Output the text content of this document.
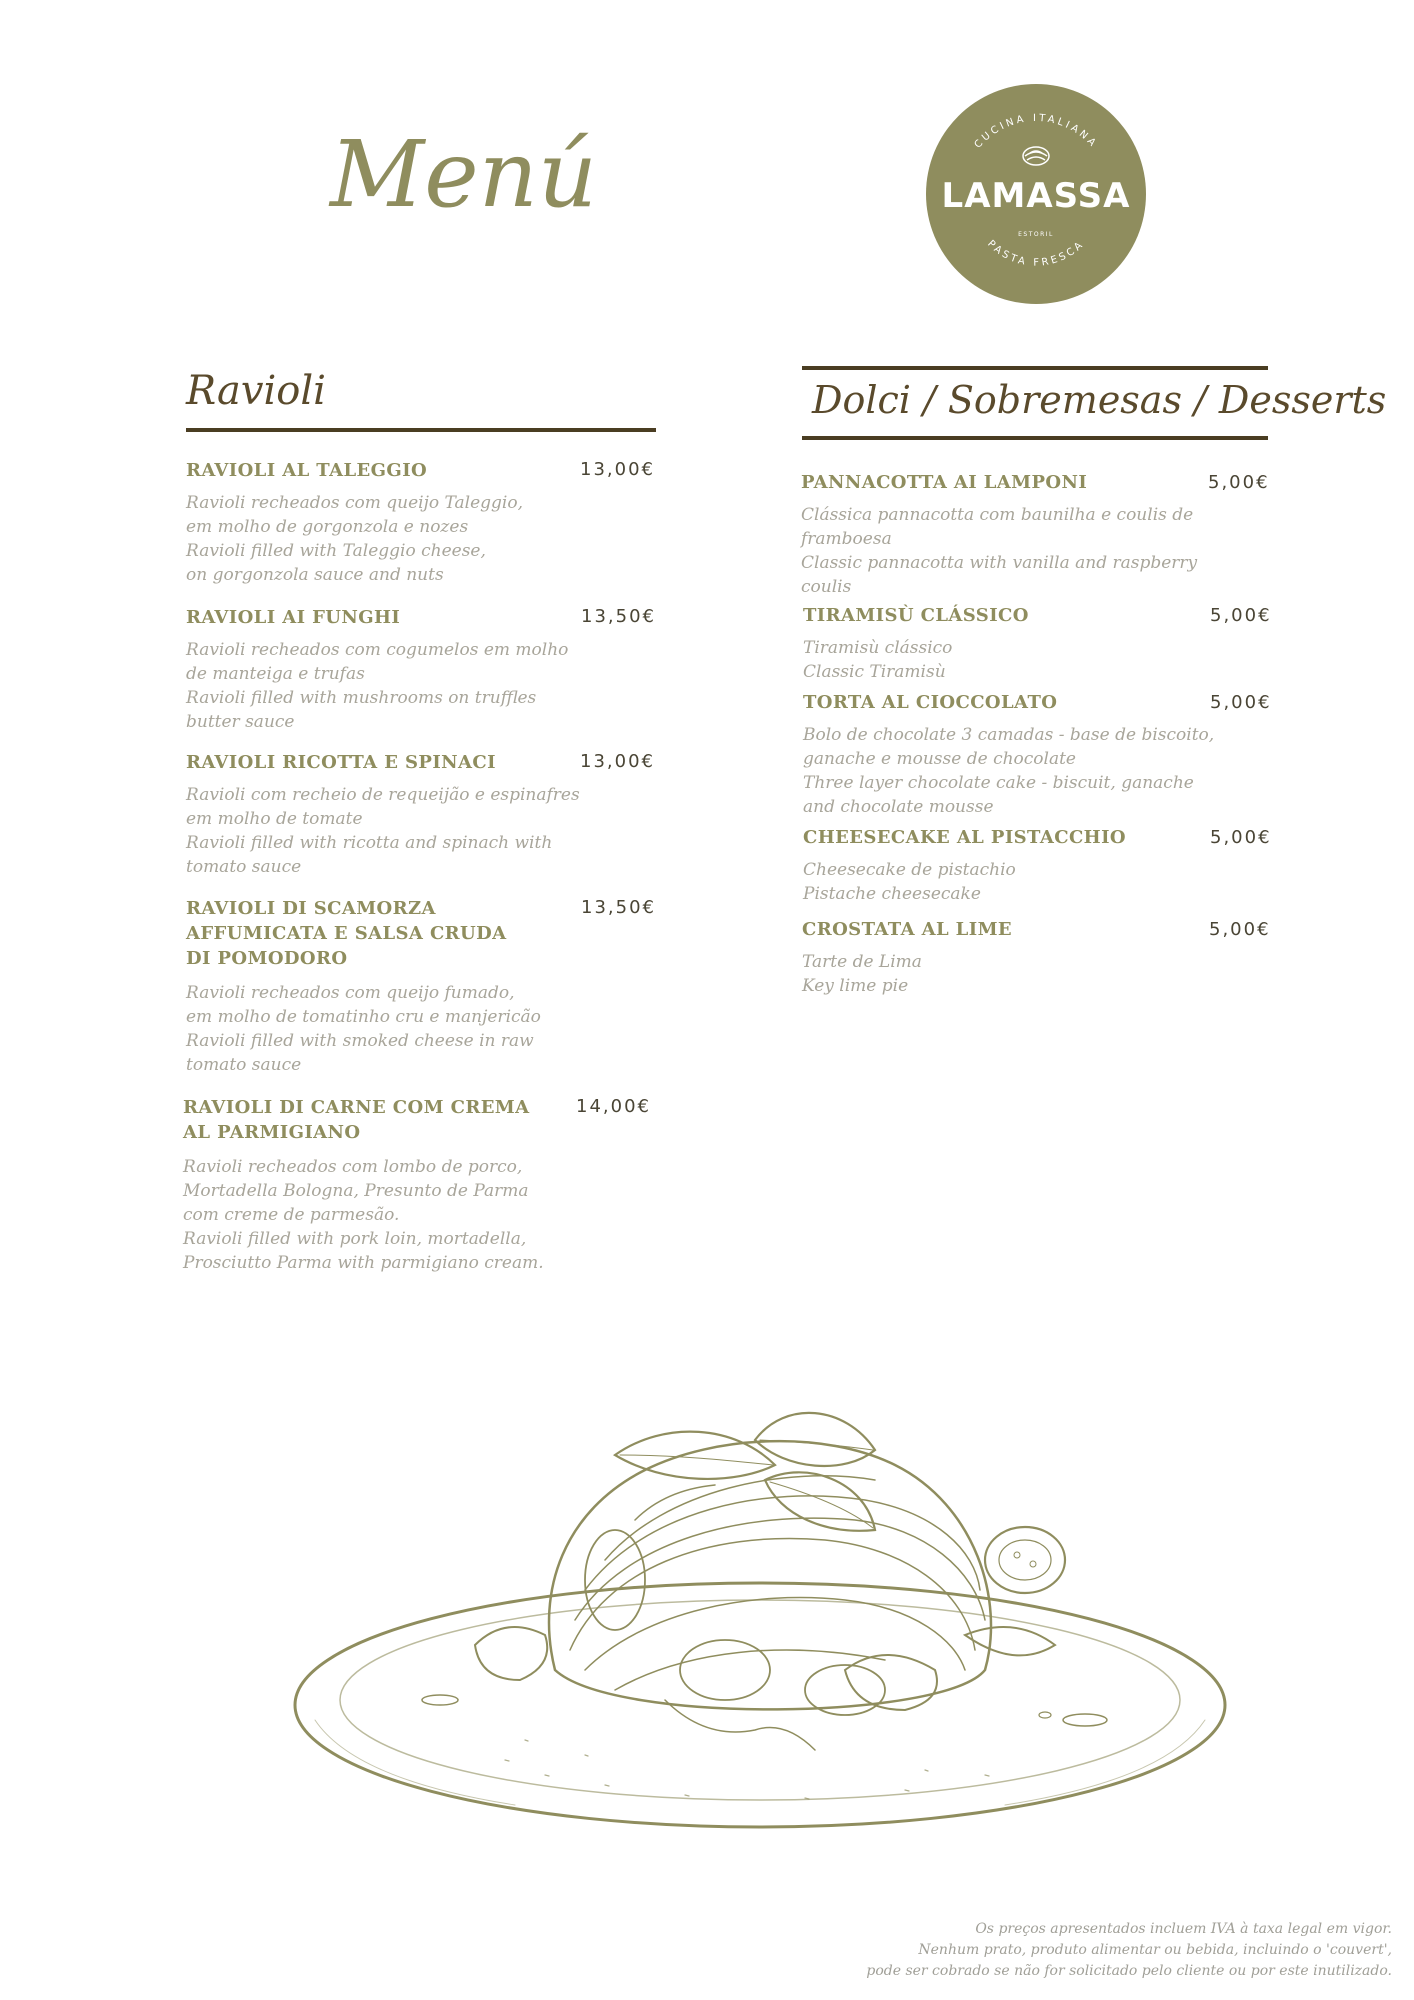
Menú	CUCINA ITALIANA
LAMASSA
ESTORIL
PASTA FRESCA
Ravioli

RAVIOLI AL TALEGGIO

Ravioli recheados com queijo Taleggio,
em molho de gorgonzola e nozes
Ravioli filled with Taleggio cheese,
on gorgonzola sauce and nuts

13,00€

RAVIOLI AI FUNGHI

Ravioli recheados com cogumelos em molho
de manteiga e trufas
Ravioli filled with mushrooms on truffles
butter sauce

13,50€

RAVIOLI RICOTTA E SPINACI

Ravioli com recheio de requeijão e espinafres
em molho de tomate
Ravioli filled with ricotta and spinach with
tomato sauce

13,00€

RAVIOLI DI SCAMORZA
AFFUMICATA E SALSA CRUDA
DI POMODORO

Ravioli recheados com queijo fumado,
em molho de tomatinho cru e manjericão
Ravioli filled with smoked cheese in raw
tomato sauce

13,50€

RAVIOLI DI CARNE COM CREMA
AL PARMIGIANO

Ravioli recheados com lombo de porco,
Mortadella Bologna, Presunto de Parma
com creme de parmesão.
Ravioli filled with pork loin, mortadella,
Prosciutto Parma with parmigiano cream.

14,00€
Dolci / Sobremesas / Desserts

PANNACOTTA AI LAMPONI

Clássica pannacotta com baunilha e coulis de
framboesa
Classic pannacotta with vanilla and raspberry
coulis

5,00€

TIRAMISÙ CLÁSSICO

Tiramisù clássico
Classic Tiramisù

5,00€

TORTA AL CIOCCOLATO

Bolo de chocolate 3 camadas - base de biscoito,
ganache e mousse de chocolate
Three layer chocolate cake - biscuit, ganache
and chocolate mousse

5,00€

CHEESECAKE AL PISTACCHIO

Cheesecake de pistachio
Pistache cheesecake

5,00€

CROSTATA AL LIME

Tarte de Lima
Key lime pie

5,00€
Os preços apresentados incluem IVA à taxa legal em vigor.
Nenhum prato, produto alimentar ou bebida, incluindo o 'couvert',
pode ser cobrado se não for solicitado pelo cliente ou por este inutilizado.
